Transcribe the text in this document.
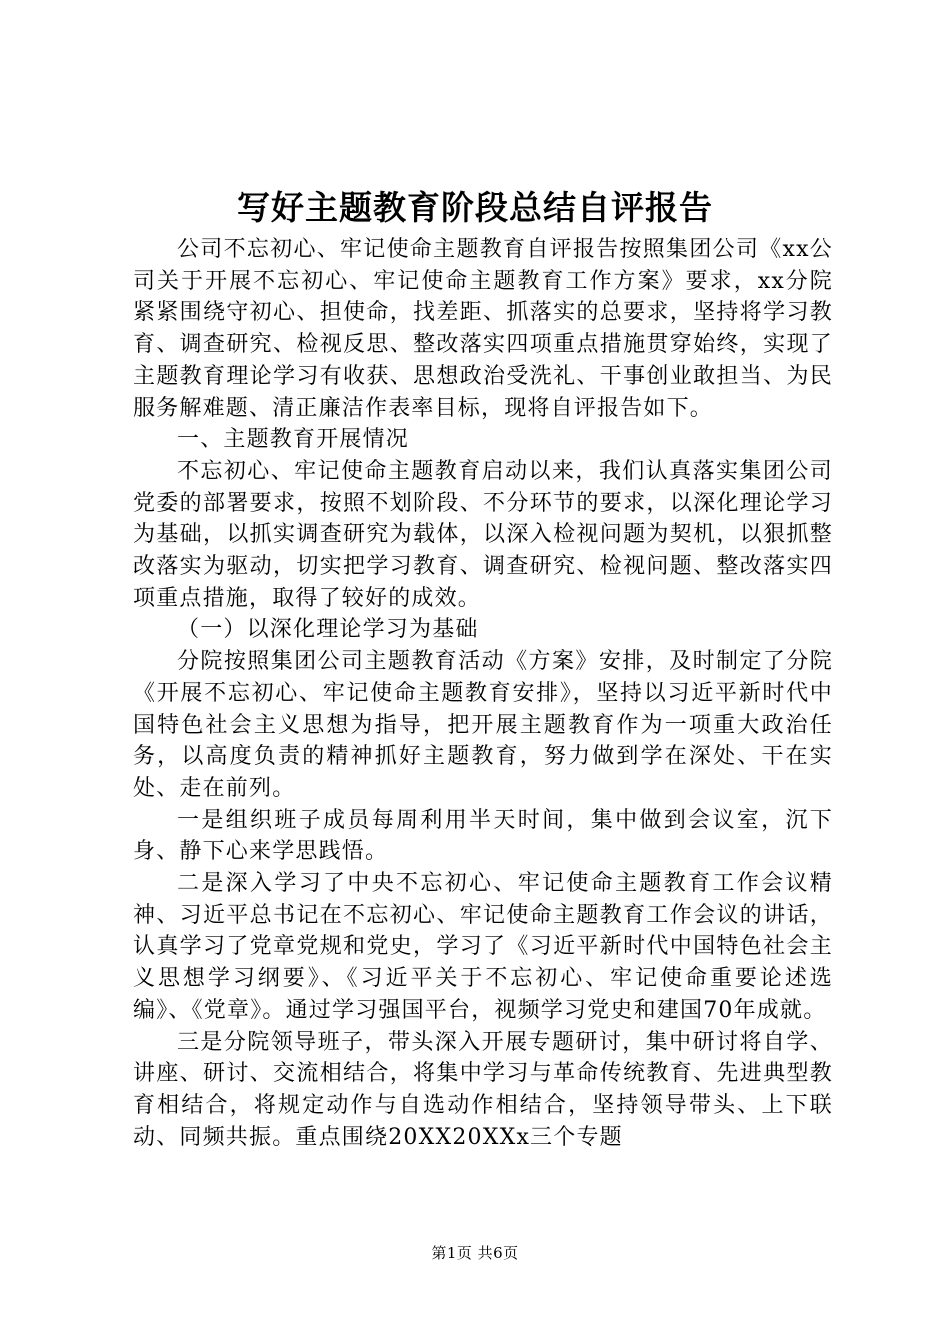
写好主题教育阶段总结自评报告

公司不忘初心、牢记使命主题教育自评报告按照集团公司《xx公司关于开展不忘初心、牢记使命主题教育工作方案》要求，xx分院紧紧围绕守初心、担使命，找差距、抓落实的总要求，坚持将学习教育、调查研究、检视反思、整改落实四项重点措施贯穿始终，实现了主题教育理论学习有收获、思想政治受洗礼、干事创业敢担当、为民服务解难题、清正廉洁作表率目标，现将自评报告如下。

一、主题教育开展情况

不忘初心、牢记使命主题教育启动以来，我们认真落实集团公司党委的部署要求，按照不划阶段、不分环节的要求，以深化理论学习为基础，以抓实调查研究为载体，以深入检视问题为契机，以狠抓整改落实为驱动，切实把学习教育、调查研究、检视问题、整改落实四项重点措施，取得了较好的成效。

（一）以深化理论学习为基础

分院按照集团公司主题教育活动《方案》安排，及时制定了分院《开展不忘初心、牢记使命主题教育安排》，坚持以习近平新时代中国特色社会主义思想为指导，把开展主题教育作为一项重大政治任务，以高度负责的精神抓好主题教育，努力做到学在深处、干在实处、走在前列。

一是组织班子成员每周利用半天时间，集中做到会议室，沉下身、静下心来学思践悟。

二是深入学习了中央不忘初心、牢记使命主题教育工作会议精神、习近平总书记在不忘初心、牢记使命主题教育工作会议的讲话，认真学习了党章党规和党史，学习了《习近平新时代中国特色社会主义思想学习纲要》、《习近平关于不忘初心、牢记使命重要论述选编》、《党章》。通过学习强国平台，视频学习党史和建国70年成就。

三是分院领导班子，带头深入开展专题研讨，集中研讨将自学、讲座、研讨、交流相结合，将集中学习与革命传统教育、先进典型教育相结合，将规定动作与自选动作相结合，坚持领导带头、上下联动、同频共振。重点围绕20XX20XXx三个专题

第1页 共6页
